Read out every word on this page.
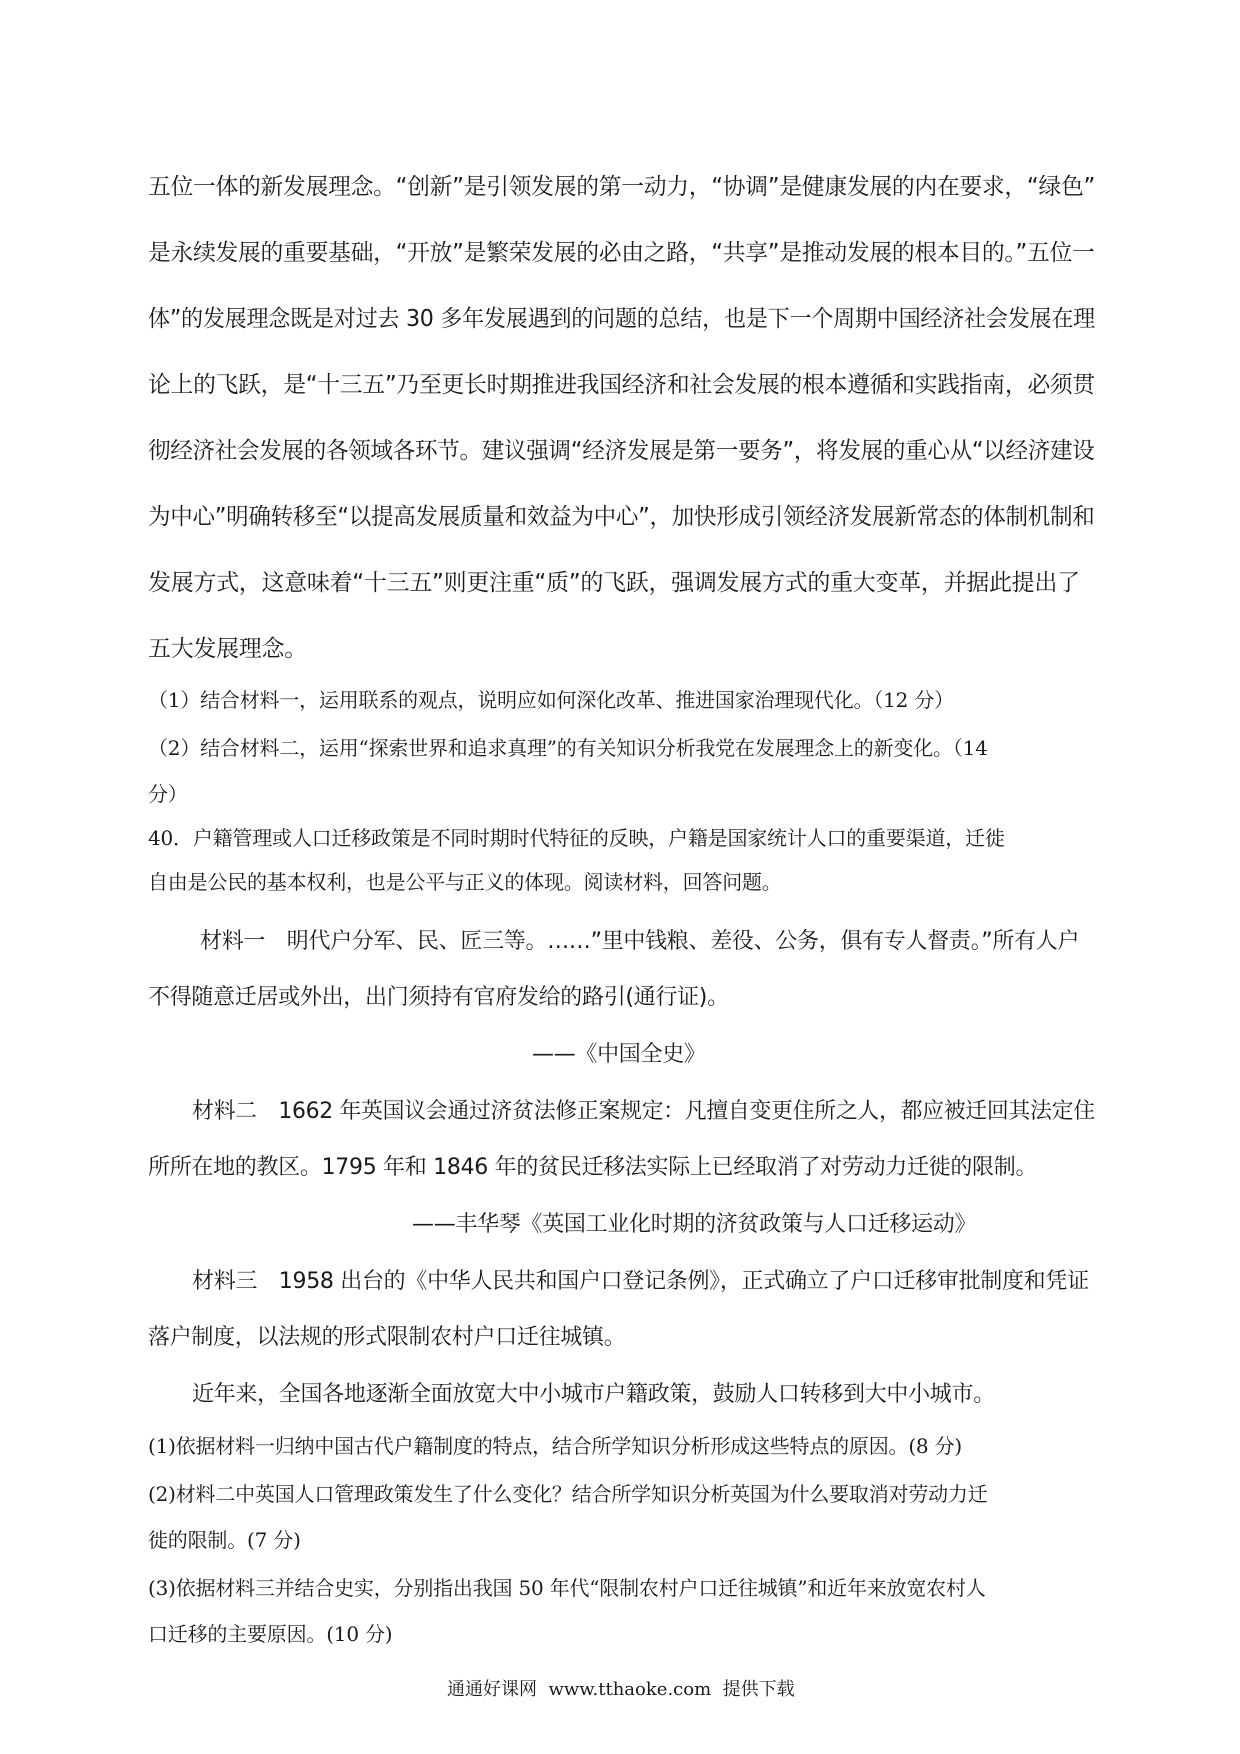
五位一体的新发展理念。“创新”是引领发展的第一动力，“协调”是健康发展的内在要求，“绿色”
是永续发展的重要基础，“开放”是繁荣发展的必由之路，“共享”是推动发展的根本目的。”五位一
体”的发展理念既是对过去 30 多年发展遇到的问题的总结，也是下一个周期中国经济社会发展在理
论上的飞跃，是“十三五”乃至更长时期推进我国经济和社会发展的根本遵循和实践指南，必须贯
彻经济社会发展的各领域各环节。建议强调“经济发展是第一要务”，将发展的重心从“以经济建设
为中心”明确转移至“以提高发展质量和效益为中心”，加快形成引领经济发展新常态的体制机制和
发展方式，这意味着“十三五”则更注重“质”的飞跃，强调发展方式的重大变革，并据此提出了
五大发展理念。
（1）结合材料一，运用联系的观点，说明应如何深化改革、推进国家治理现代化。（12 分）
（2）结合材料二，运用“探索世界和追求真理”的有关知识分析我党在发展理念上的新变化。（14
分）
40．户籍管理或人口迁移政策是不同时期时代特征的反映，户籍是国家统计人口的重要渠道，迁徙
自由是公民的基本权利，也是公平与正义的体现。阅读材料，回答问题。
材料一　明代户分军、民、匠三等。……”里中钱粮、差役、公务，俱有专人督责。”所有人户
不得随意迁居或外出，出门须持有官府发给的路引(通行证)。
——《中国全史》
材料二　1662 年英国议会通过济贫法修正案规定：凡擅自变更住所之人，都应被迁回其法定住
所所在地的教区。1795 年和 1846 年的贫民迁移法实际上已经取消了对劳动力迁徙的限制。
——丰华琴《英国工业化时期的济贫政策与人口迁移运动》
材料三　1958 出台的《中华人民共和国户口登记条例》，正式确立了户口迁移审批制度和凭证
落户制度，以法规的形式限制农村户口迁往城镇。
近年来，全国各地逐渐全面放宽大中小城市户籍政策，鼓励人口转移到大中小城市。
(1)依据材料一归纳中国古代户籍制度的特点，结合所学知识分析形成这些特点的原因。(8 分)
(2)材料二中英国人口管理政策发生了什么变化？结合所学知识分析英国为什么要取消对劳动力迁
徙的限制。(7 分)
(3)依据材料三并结合史实，分别指出我国 50 年代“限制农村户口迁往城镇”和近年来放宽农村人
口迁移的主要原因。(10 分)
通通好课网  www.tthaoke.com  提供下载
